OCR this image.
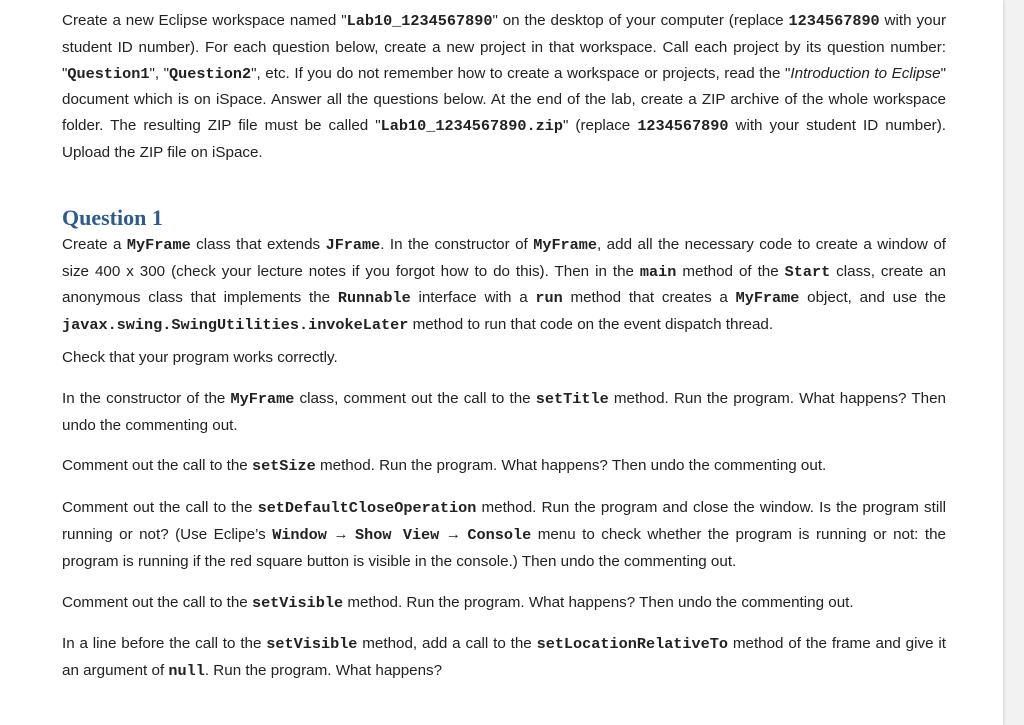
Create a new Eclipse workspace named "Lab10_1234567890" on the desktop of your computer (replace 1234567890 with your student ID number). For each question below, create a new project in that workspace. Call each project by its question number: "Question1", "Question2", etc. If you do not remember how to create a workspace or projects, read the "Introduction to Eclipse" document which is on iSpace. Answer all the questions below. At the end of the lab, create a ZIP archive of the whole workspace folder. The resulting ZIP file must be called "Lab10_1234567890.zip" (replace 1234567890 with your student ID number). Upload the ZIP file on iSpace.

Question 1

Create a MyFrame class that extends JFrame. In the constructor of MyFrame, add all the necessary code to create a window of size 400 x 300 (check your lecture notes if you forgot how to do this). Then in the main method of the Start class, create an anonymous class that implements the Runnable interface with a run method that creates a MyFrame object, and use the javax.swing.SwingUtilities.invokeLater method to run that code on the event dispatch thread.

Check that your program works correctly.

In the constructor of the MyFrame class, comment out the call to the setTitle method. Run the program. What happens? Then undo the commenting out.

Comment out the call to the setSize method. Run the program. What happens? Then undo the commenting out.

Comment out the call to the setDefaultCloseOperation method. Run the program and close the window. Is the program still running or not? (Use Eclipe’s Window → Show View → Console menu to check whether the program is running or not: the program is running if the red square button is visible in the console.) Then undo the commenting out.

Comment out the call to the setVisible method. Run the program. What happens? Then undo the commenting out.

In a line before the call to the setVisible method, add a call to the setLocationRelativeTo method of the frame and give it an argument of null. Run the program. What happens?
